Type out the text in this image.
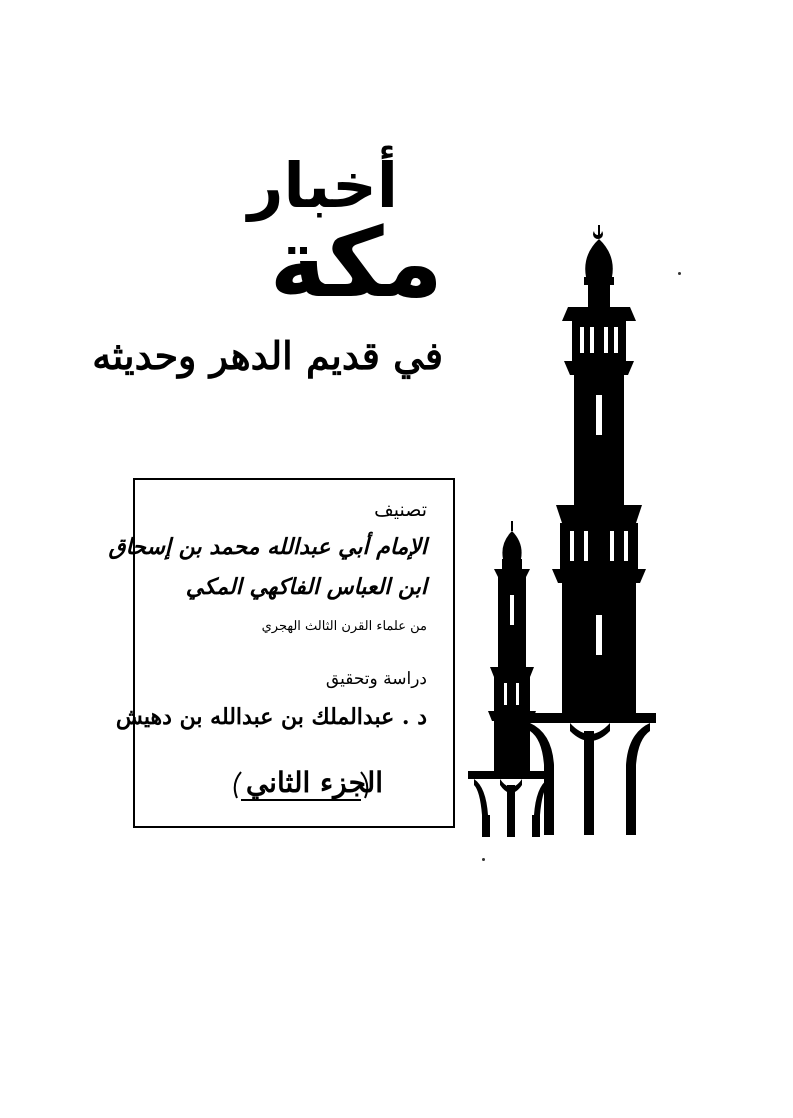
أخبار
مكة
في قديم الدهر وحديثه
تصنيف
الإمام أبي عبدالله محمد بن إسحاق
ابن العباس الفاكهي المكي
من علماء القرن الثالث الهجري
دراسة وتحقيق
د . عبدالملك بن عبدالله بن دهيش
الجزء الثاني
